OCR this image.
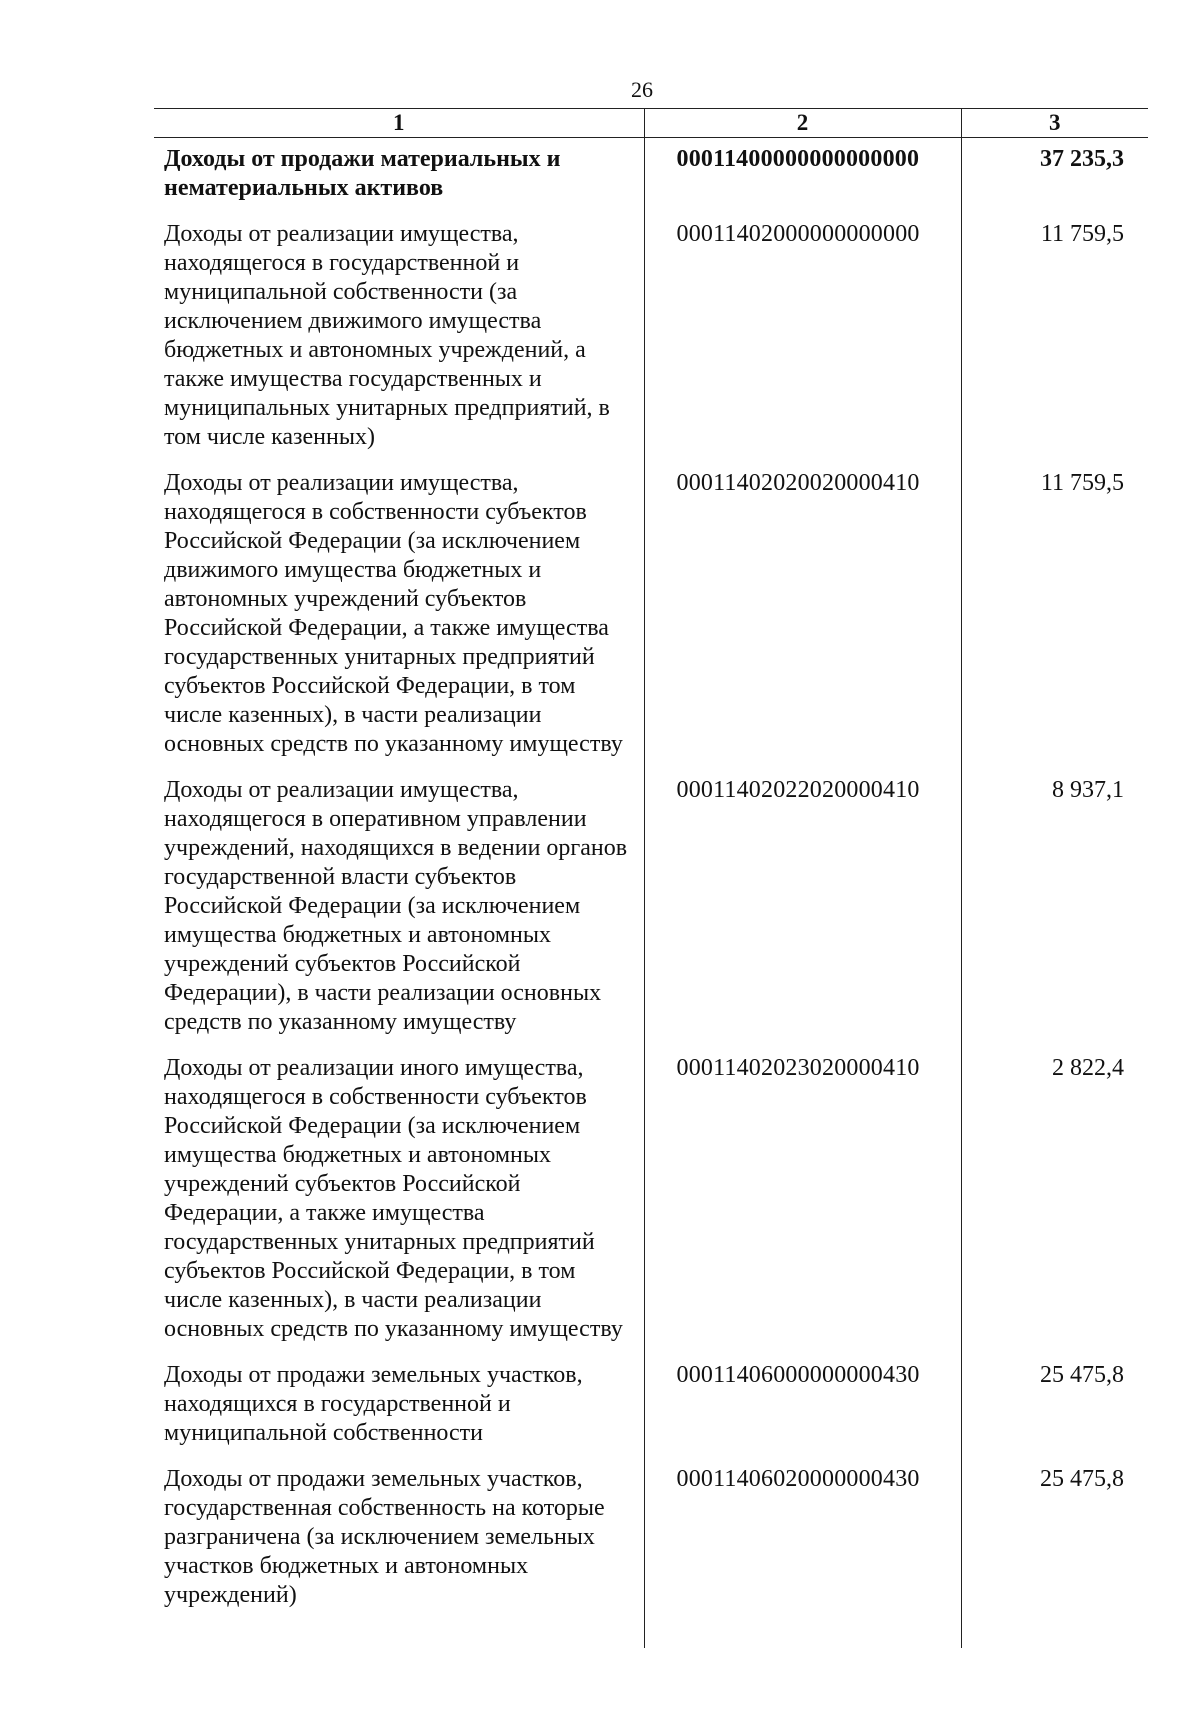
26
1	2	3
Доходы от продажи материальных и нематериальных активов	00011400000000000000	37 235,3
Доходы от реализации имущества, находящегося в государственной и муниципальной собственности (за исключением движимого имущества бюджетных и автономных учреждений, а также имущества государственных и муниципальных унитарных предприятий, в том числе казенных)	00011402000000000000	11 759,5
Доходы от реализации имущества, находящегося в собственности субъектов Российской Федерации (за исключением движимого имущества бюджетных и автономных учреждений субъектов Российской Федерации, а также имущества государственных унитарных предприятий субъектов Российской Федерации, в том числе казенных), в части реализации основных средств по указанному имуществу	00011402020020000410	11 759,5
Доходы от реализации имущества, находящегося в оперативном управлении учреждений, находящихся в ведении органов государственной власти субъектов Российской Федерации (за исключением имущества бюджетных и автономных учреждений субъектов Российской Федерации), в части реализации основных средств по указанному имуществу	00011402022020000410	8 937,1
Доходы от реализации иного имущества, находящегося в собственности субъектов Российской Федерации (за исключением имущества бюджетных и автономных учреждений субъектов Российской Федерации, а также имущества государственных унитарных предприятий субъектов Российской Федерации, в том числе казенных), в части реализации основных средств по указанному имуществу	00011402023020000410	2 822,4
Доходы от продажи земельных участков, находящихся в государственной и муниципальной собственности	00011406000000000430	25 475,8
Доходы от продажи земельных участков, государственная собственность на которые разграничена (за исключением земельных участков бюджетных и автономных учреждений)	00011406020000000430	25 475,8
